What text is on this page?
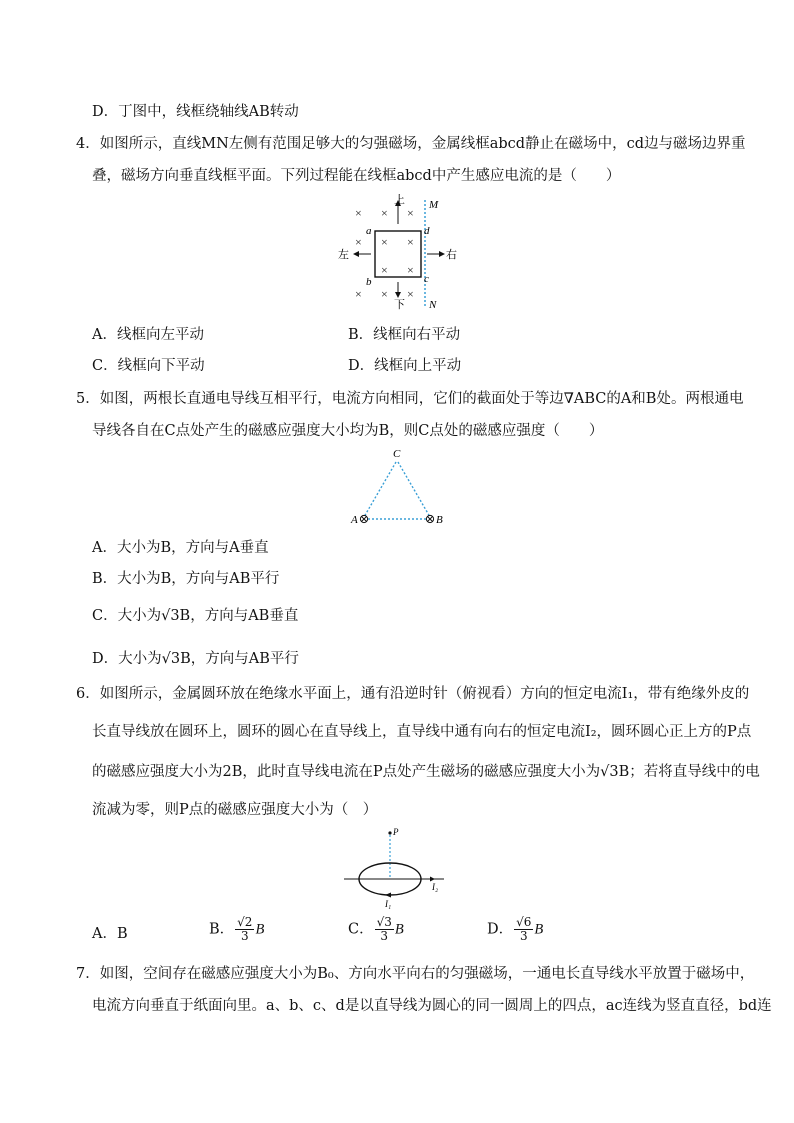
D．丁图中，线框绕轴线AB转动
4．如图所示，直线MN左侧有范围足够大的匀强磁场，金属线框abcd静止在磁场中，cd边与磁场边界重
叠，磁场方向垂直线框平面。下列过程能在线框abcd中产生感应电流的是（　　）
M
N
a
b	c
d
× × ×
× × ×
× ×
× × ×
上
下
左	右
A．线框向左平动	B．线框向右平动
C．线框向下平动	D．线框向上平动
5．如图，两根长直通电导线互相平行，电流方向相同，它们的截面处于等边∇ABC的A和B处。两根通电
导线各自在C点处产生的磁感应强度大小均为B，则C点处的磁感应强度（　　）
C
A	B
A．大小为B，方向与A垂直
B．大小为B，方向与AB平行
C．大小为√3B，方向与AB垂直
D．大小为√3B，方向与AB平行
6．如图所示，金属圆环放在绝缘水平面上，通有沿逆时针（俯视看）方向的恒定电流I₁，带有绝缘外皮的
长直导线放在圆环上，圆环的圆心在直导线上，直导线中通有向右的恒定电流I₂，圆环圆心正上方的P点
的磁感应强度大小为2B，此时直导线电流在P点处产生磁场的磁感应强度大小为√3B；若将直导线中的电
流减为零，则P点的磁感应强度大小为（　）
P
I₂
I₁
A．B	B． $\frac{√2}{3}$ B	C． $\frac{√3}{3}$ B	D． $\frac{√6}{3}$ B
7．如图，空间存在磁感应强度大小为B₀、方向水平向右的匀强磁场，一通电长直导线水平放置于磁场中，
电流方向垂直于纸面向里。a、b、c、d是以直导线为圆心的同一圆周上的四点，ac连线为竖直直径，bd连
